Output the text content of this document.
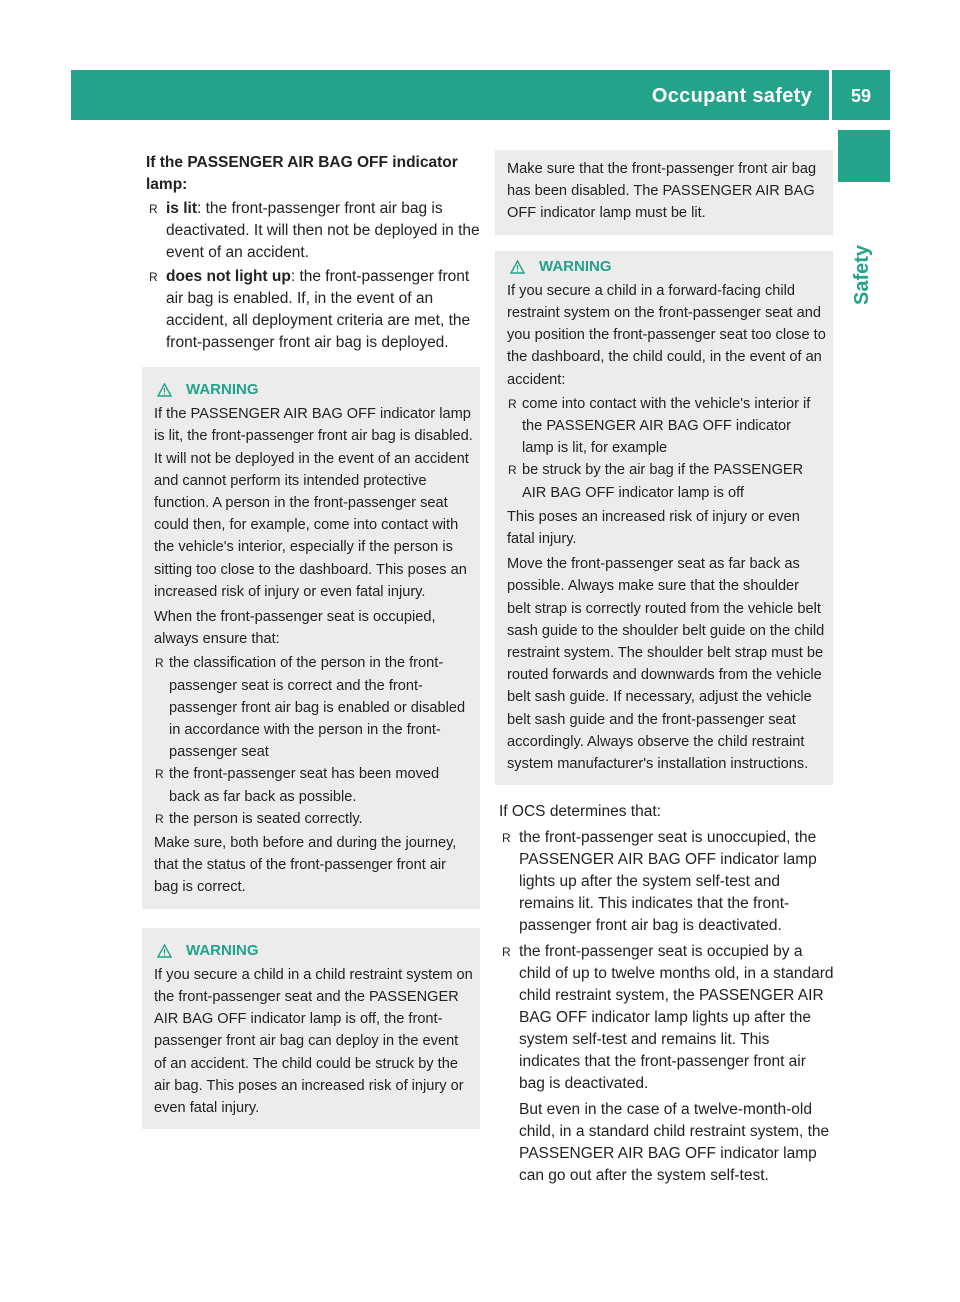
Occupant safety	59
Safety

If the PASSENGER AIR BAG OFF indicator lamp:

R is lit: the front-passenger front air bag is deactivated. It will then not be deployed in the event of an accident.
R does not light up: the front-passenger front air bag is enabled. If, in the event of an accident, all deployment criteria are met, the front-passenger front air bag is deployed.
WARNING

If the PASSENGER AIR BAG OFF indicator lamp is lit, the front-passenger front air bag is disabled. It will not be deployed in the event of an accident and cannot perform its intended protective function. A person in the front-passenger seat could then, for example, come into contact with the vehicle's interior, especially if the person is sitting too close to the dashboard. This poses an increased risk of injury or even fatal injury.

When the front-passenger seat is occupied, always ensure that:

R the classification of the person in the front-passenger seat is correct and the front-passenger front air bag is enabled or disabled in accordance with the person in the front-passenger seat
R the front-passenger seat has been moved back as far back as possible.
R the person is seated correctly.

Make sure, both before and during the journey, that the status of the front-passenger front air bag is correct.

WARNING

If you secure a child in a child restraint system on the front-passenger seat and the PASSENGER AIR BAG OFF indicator lamp is off, the front-passenger front air bag can deploy in the event of an accident. The child could be struck by the air bag. This poses an increased risk of injury or even fatal injury.

Make sure that the front-passenger front air bag has been disabled. The PASSENGER AIR BAG OFF indicator lamp must be lit.

WARNING

If you secure a child in a forward-facing child restraint system on the front-passenger seat and you position the front-passenger seat too close to the dashboard, the child could, in the event of an accident:

R come into contact with the vehicle's interior if the PASSENGER AIR BAG OFF indicator lamp is lit, for example
R be struck by the air bag if the PASSENGER AIR BAG OFF indicator lamp is off

This poses an increased risk of injury or even fatal injury.

Move the front-passenger seat as far back as possible. Always make sure that the shoulder belt strap is correctly routed from the vehicle belt sash guide to the shoulder belt guide on the child restraint system. The shoulder belt strap must be routed forwards and downwards from the vehicle belt sash guide. If necessary, adjust the vehicle belt sash guide and the front-passenger seat accordingly. Always observe the child restraint system manufacturer's installation instructions.

If OCS determines that:

R the front-passenger seat is unoccupied, the PASSENGER AIR BAG OFF indicator lamp lights up after the system self-test and remains lit. This indicates that the front-passenger front air bag is deactivated.
R the front-passenger seat is occupied by a child of up to twelve months old, in a standard child restraint system, the PASSENGER AIR BAG OFF indicator lamp lights up after the system self-test and remains lit. This indicates that the front-passenger front air bag is deactivated.

But even in the case of a twelve-month-old child, in a standard child restraint system, the PASSENGER AIR BAG OFF indicator lamp can go out after the system self-test.
